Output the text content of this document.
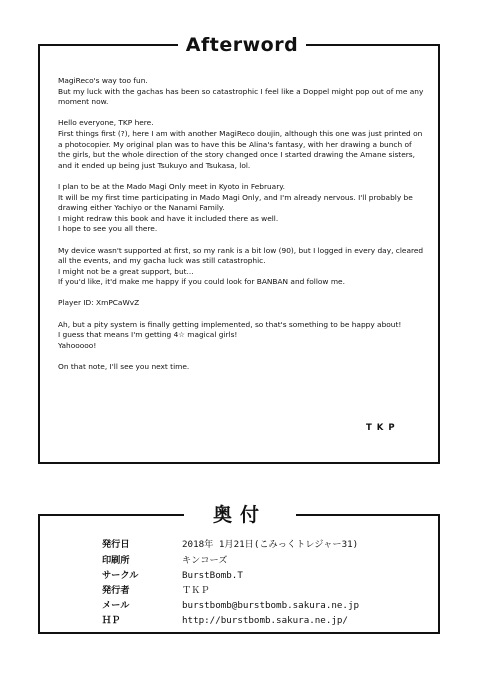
Afterword
MagiReco's way too fun.
But my luck with the gachas has been so catastrophic I feel like a Doppel might pop out of me any moment now.

Hello everyone, TKP here.
First things first (?), here I am with another MagiReco doujin, although this one was just printed on a photocopier. My original plan was to have this be Alina's fantasy, with her drawing a bunch of the girls, but the whole direction of the story changed once I started drawing the Amane sisters, and it ended up being just Tsukuyo and Tsukasa, lol.

I plan to be at the Mado Magi Only meet in Kyoto in February.
It will be my first time participating in Mado Magi Only, and I'm already nervous. I'll probably be drawing either Yachiyo or the Nanami Family.
I might redraw this book and have it included there as well.
I hope to see you all there.

My device wasn't supported at first, so my rank is a bit low (90), but I logged in every day, cleared all the events, and my gacha luck was still catastrophic.
I might not be a great support, but...
If you'd like, it'd make me happy if you could look for BANBAN and follow me.

Player ID: XmPCaWvZ

Ah, but a pity system is finally getting implemented, so that's something to be happy about!
I guess that means I'm getting 4☆ magical girls!
Yahooooo!

On that note, I'll see you next time.
TKP
奥付
発行日	2018年 1月21日(こみっくトレジャー31)
印刷所	キンコーズ
サークル	BurstBomb.T
発行者	ＴＫＰ
メール	burstbomb@burstbomb.sakura.ne.jp
ＨＰ	http://burstbomb.sakura.ne.jp/
